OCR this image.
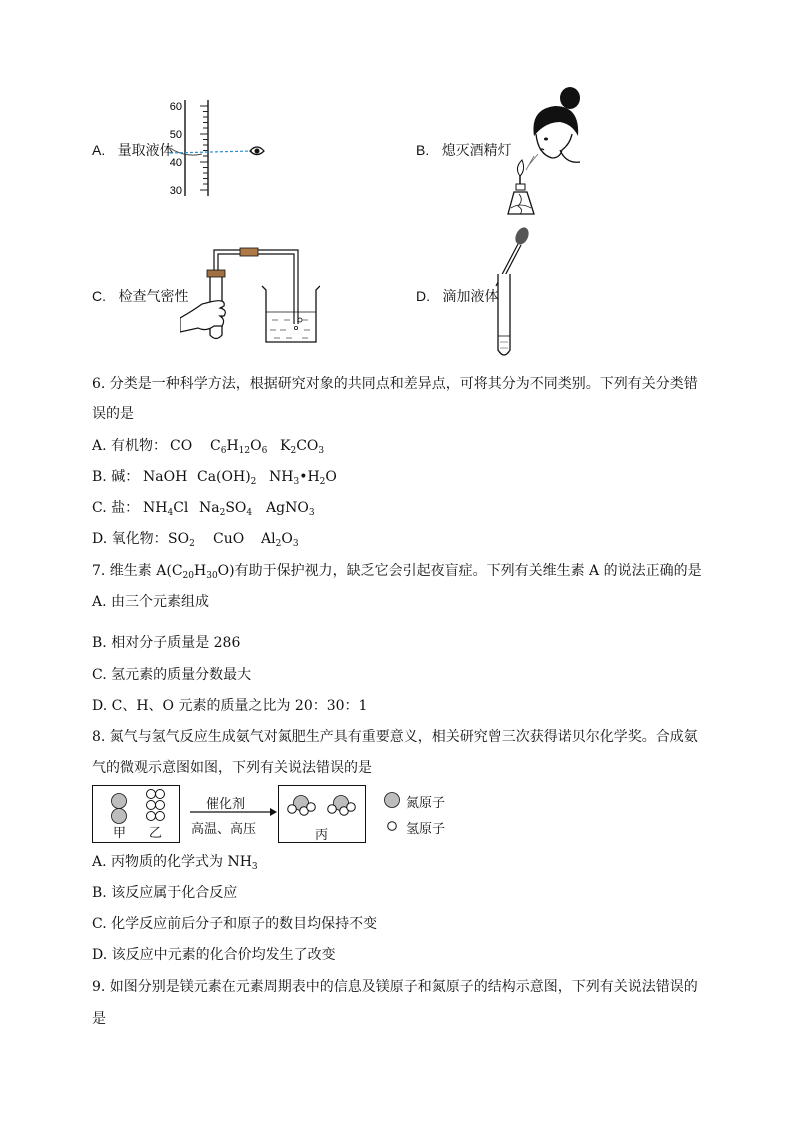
A. 量取液体
60
50
40
30
B. 熄灭酒精灯
C. 检查气密性	D. 滴加液体
6. 分类是一种科学方法，根据研究对象的共同点和差异点，可将其分为不同类别。下列有关分类错
误的是
A. 有机物： CO $C_6H_{12}O_6$ $K_2CO_3$
B. 碱： NaOH $Ca(OH)_2$ $NH_3•H_2O$
C. 盐： $NH_4Cl$ $Na_2SO_4$ AgNO$_3$
D. 氧化物： $SO_2$ CuO $Al_2O_3$
7. 维生素 $A(C_{20}H_{30}O)$有助于保护视力，缺乏它会引起夜盲症。下列有关维生素 A 的说法正确的是
A. 由三个元素组成
B. 相对分子质量是 286
C. 氢元素的质量分数最大
D. C、H、O 元素的质量之比为 20：30：1
8. 氮气与氢气反应生成氨气对氮肥生产具有重要意义，相关研究曾三次获得诺贝尔化学奖。合成氨
气的微观示意图如图，下列有关说法错误的是
甲 乙
催化剂
高温、高压	丙
氮原子
氢原子
A. 丙物质的化学式为 $NH_3$
B. 该反应属于化合反应
C. 化学反应前后分子和原子的数目均保持不变
D. 该反应中元素的化合价均发生了改变
9. 如图分别是镁元素在元素周期表中的信息及镁原子和氮原子的结构示意图，下列有关说法错误的
是
